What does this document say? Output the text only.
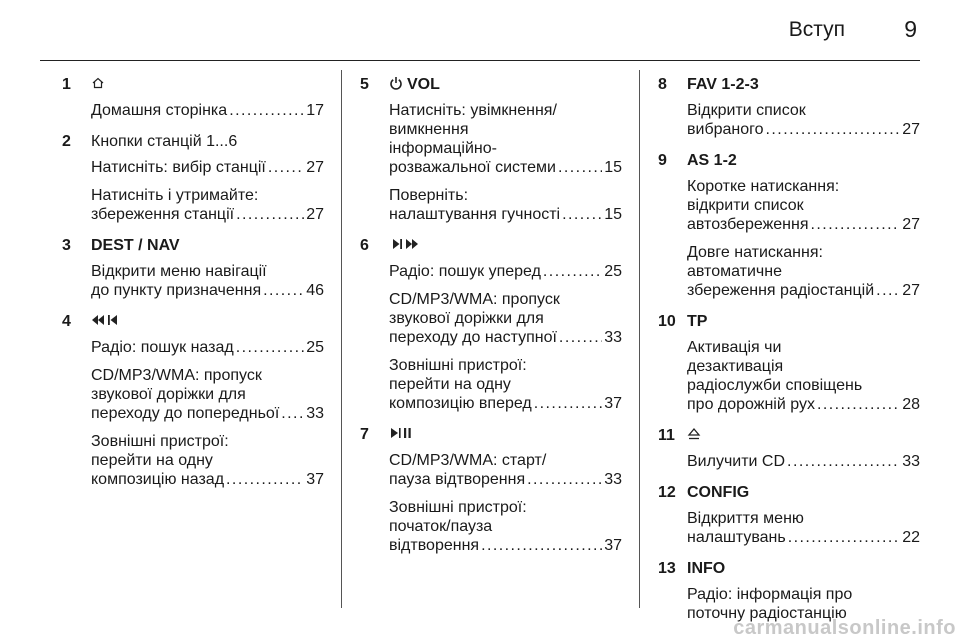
Вступ	9
1
Домашня сторінка . . .	17
2	Кнопки станцій 1...6
Натисніть: вибір станції . . .	27
Натисніть і утримайте:
збереження станції . . .	27
3	DEST / NAV
Відкрити меню навігації
до пункту призначення . . .	46
4
Радіо: пошук назад . . .	25
CD/MP3/WMA: пропуск
звукової доріжки для
переходу до попередньої . . . 33
Зовнішні пристрої:
перейти на одну
композицію назад . . .	37
5	VOL
Натисніть: увімкнення/
вимкнення
інформаційно-
розважальної системи . . .	15
Поверніть:
налаштування гучності . . .	15
6
Радіо: пошук уперед . . .	25
CD/MP3/WMA: пропуск
звукової доріжки для
переходу до наступної . . .	33
Зовнішні пристрої:
перейти на одну
композицію вперед . . .	37
7
CD/MP3/WMA: старт/
пауза відтворення . . .	33
Зовнішні пристрої:
початок/пауза
відтворення . . .	37
8	FAV 1-2-3
Відкрити список
вибраного . . .	27
9	AS 1-2
Коротке натискання:
відкрити список
автозбереження . . .	27
Довге натискання:
автоматичне
збереження радіостанцій . . . 27
10 TP
Активація чи
дезактивація
радіослужби сповіщень
про дорожній рух . . .	28
11
Вилучити CD . . .	33
12 CONFIG
Відкриття меню
налаштувань . . .	22
13 INFO
Радіо: інформація про
поточну радіостанцію
carmanualsonline.info
